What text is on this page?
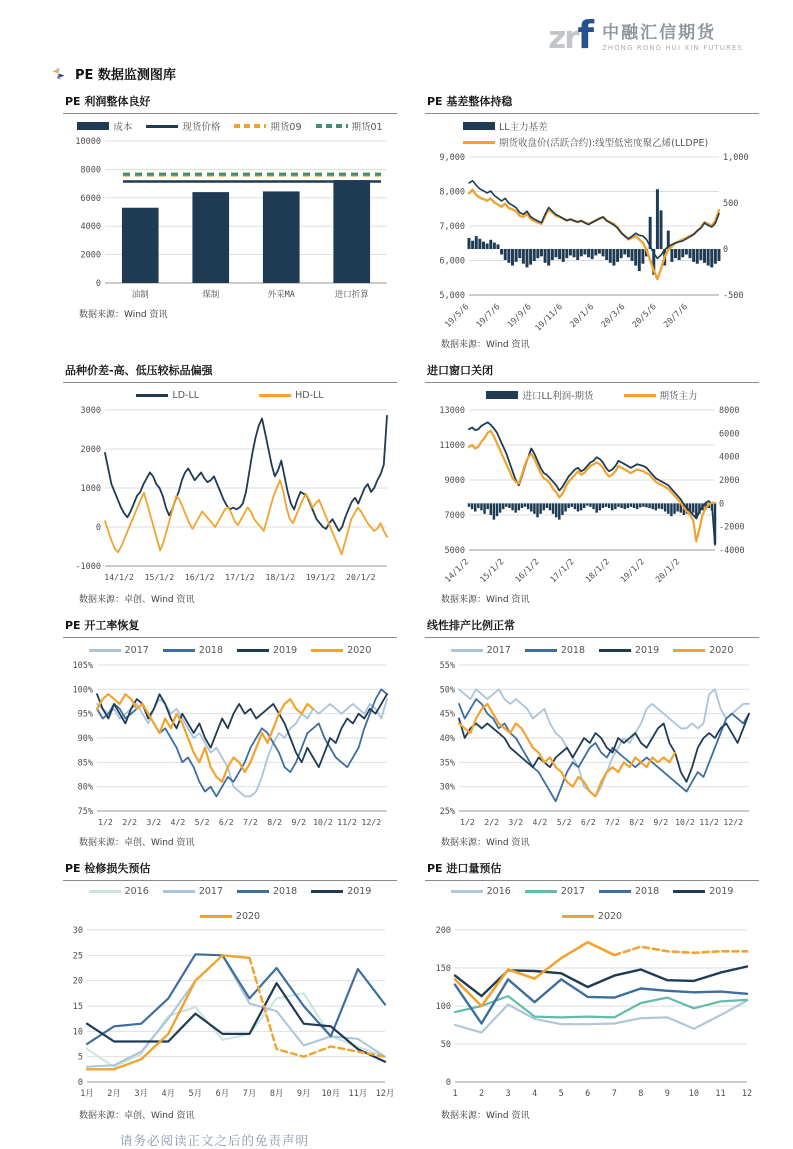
zrf 中融汇信期货
ZHONG RONG HUI XIN FUTURES
PE 数据监测图库
PE 利润整体良好
成本	现货价格	期货09	期货01
0
2000
4000
6000
8000
10000
油制	煤制	外采MA	进口折算
数据来源：Wind 资讯
PE 基差整体持稳
LL主力基差
期货收盘价(活跃合约):线型低密度聚乙烯(LLDPE)
5,000
6,000
7,000
8,000
9,000
-500
0
500
1,000
19/5/6 19/7/6 19/9/6 19/11/6 20/1/6 20/3/6 20/5/6 20/7/6
数据来源：Wind 资讯
品种价差-高、低压较标品偏强
LD-LL	HD-LL
-1000
0
1000
2000
3000
14/1/2 15/1/2 16/1/2 17/1/2 18/1/2 19/1/2 20/1/2
数据来源：卓创、Wind 资讯
进口窗口关闭
进口LL利润-期货	期货主力
5000
7000
9000
11000
13000
-4000
-2000
0
2000
4000
6000
8000
14/1/2 15/1/2 16/1/2 17/1/2 18/1/2 19/1/2 20/1/2
数据来源：Wind 资讯
PE 开工率恢复
2017	2018	2019	2020
75%
80%
85%
90%
95%
100%
105%
1/2 2/2 3/2 4/2 5/2 6/2 7/2 8/2 9/2 10/2 11/2 12/2
数据来源：卓创、Wind 资讯
线性排产比例正常
2017	2018	2019	2020
25%
30%
35%
40%
45%
50%
55%
1/2 2/2 3/2 4/2 5/2 6/2 7/2 8/2 9/2 10/2 11/2 12/2
数据来源：Wind 资讯
PE 检修损失预估
2016	2017	2018	2019
2020
0
5
10
15
20
25
30
1月 2月 3月 4月 5月 6月 7月 8月 9月 10月 11月 12月
数据来源：卓创、Wind 资讯
PE 进口量预估
2016	2017	2018	2019
2020
0
50
100
150
200
1	2	3	4	5	6	7	8	9 10 11 12
数据来源：Wind 资讯
请务必阅读正文之后的免责声明
